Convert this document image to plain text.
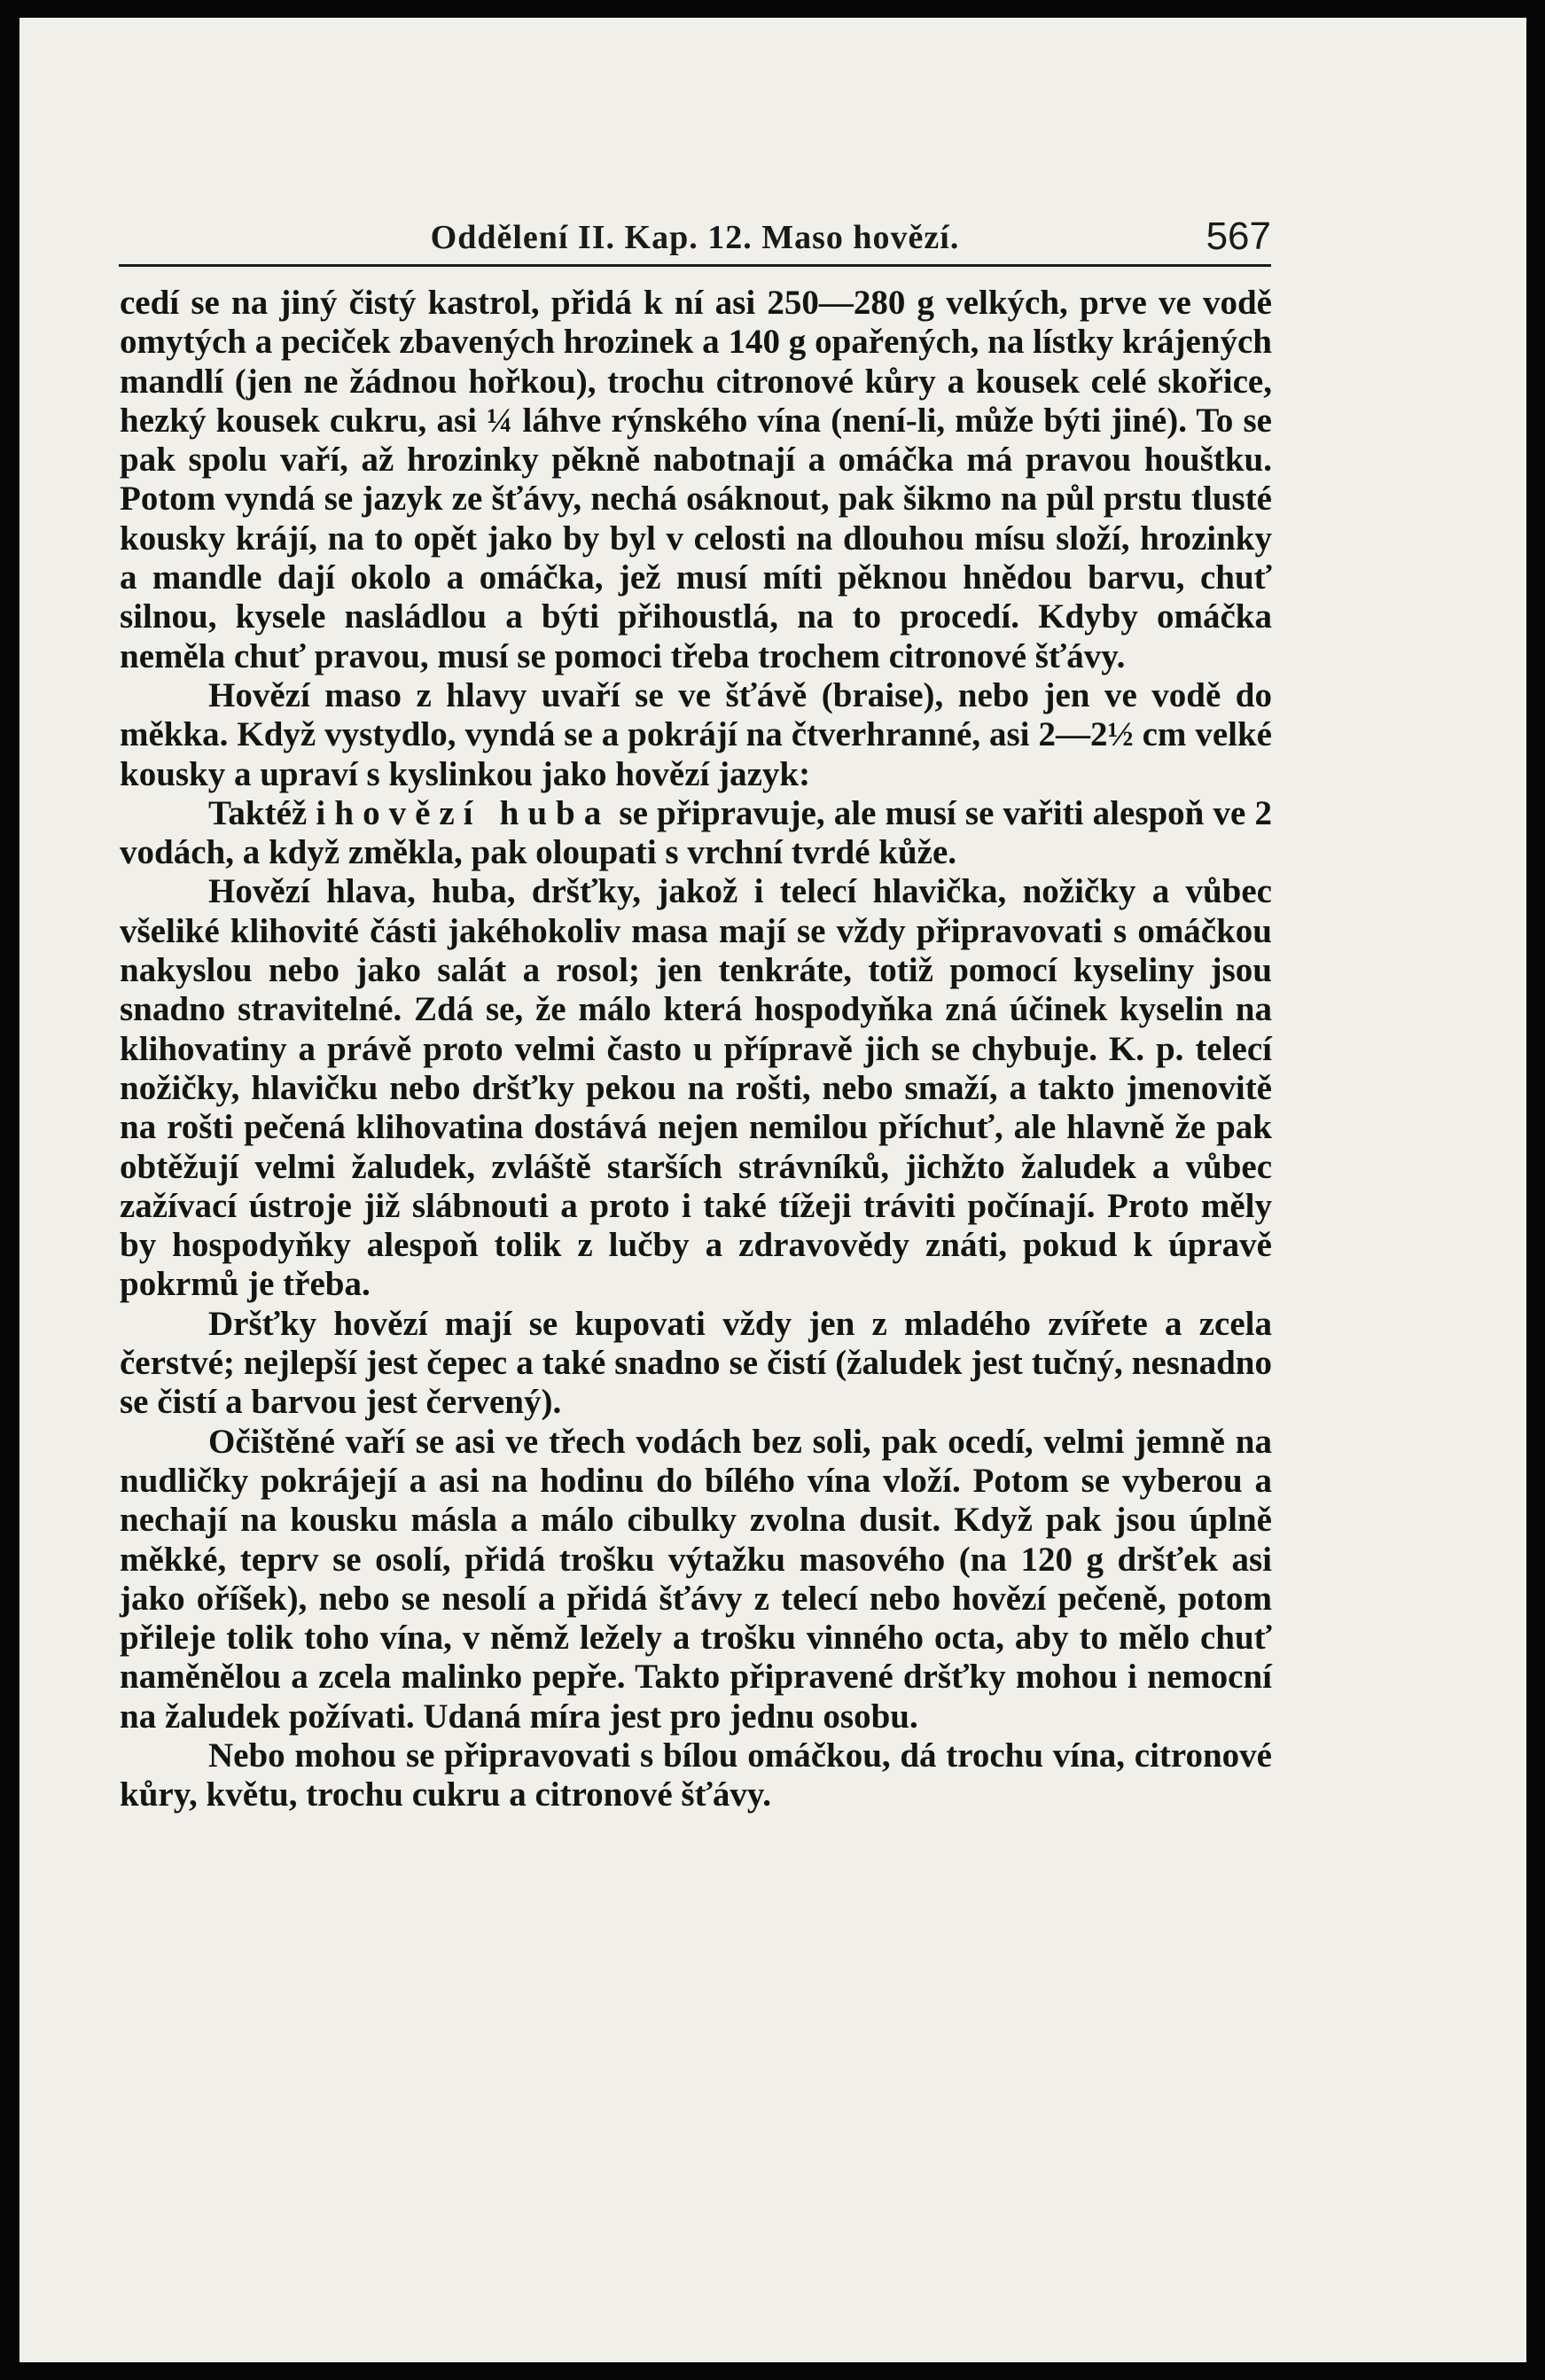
Oddělení II. Kap. 12. Maso hovězí.	567

cedí se na jiný čistý kastrol, přidá k ní asi 250—280 g velkých, prve ve vodě omytých a peciček zbavených hrozinek a 140 g opařených, na lístky krájených mandlí (jen ne žádnou hořkou), trochu citronové kůry a kousek celé skořice, hezký kousek cukru, asi ¼ láhve rýnského vína (není-li, může býti jiné). To se pak spolu vaří, až hrozinky pěkně nabotnají a omáčka má pravou houštku. Potom vyndá se jazyk ze šťávy, nechá osáknout, pak šikmo na půl prstu tlusté kousky krájí, na to opět jako by byl v celosti na dlouhou mísu složí, hrozinky a mandle dají okolo a omáčka, jež musí míti pěknou hnědou barvu, chuť silnou, kysele nasládlou a býti přihoustlá, na to procedí. Kdyby omáčka neměla chuť pravou, musí se pomoci třeba trochem citronové šťávy.

Hovězí maso z hlavy uvaří se ve šťávě (braise), nebo jen ve vodě do měkka. Když vystydlo, vyndá se a pokrájí na čtverhranné, asi 2—2½ cm velké kousky a upraví s kyslinkou jako hovězí jazyk:

Taktéž i hovězí huba se připravuje, ale musí se vařiti alespoň ve 2 vodách, a když změkla, pak oloupati s vrchní tvrdé kůže.

Hovězí hlava, huba, dršťky, jakož i telecí hlavička, nožičky a vůbec všeliké klihovité části jakéhokoliv masa mají se vždy připravovati s omáčkou nakyslou nebo jako salát a rosol; jen tenkráte, totiž pomocí kyseliny jsou snadno stravitelné. Zdá se, že málo která hospodyňka zná účinek kyselin na klihovatiny a právě proto velmi často u přípravě jich se chybuje. K. p. telecí nožičky, hlavičku nebo dršťky pekou na rošti, nebo smaží, a takto jmenovitě na rošti pečená klihovatina dostává nejen nemilou příchuť, ale hlavně že pak obtěžují velmi žaludek, zvláště starších strávníků, jichžto žaludek a vůbec zažívací ústroje již slábnouti a proto i také tížeji tráviti počínají. Proto měly by hospodyňky alespoň tolik z lučby a zdravovědy znáti, pokud k úpravě pokrmů je třeba.

Dršťky hovězí mají se kupovati vždy jen z mladého zvířete a zcela čerstvé; nejlepší jest čepec a také snadno se čistí (žaludek jest tučný, nesnadno se čistí a barvou jest červený).

Očištěné vaří se asi ve třech vodách bez soli, pak ocedí, velmi jemně na nudličky pokrájejí a asi na hodinu do bílého vína vloží. Potom se vyberou a nechají na kousku másla a málo cibulky zvolna dusit. Když pak jsou úplně měkké, teprv se osolí, přidá trošku výtažku masového (na 120 g dršťek asi jako oříšek), nebo se nesolí a přidá šťávy z telecí nebo hovězí pečeně, potom přileje tolik toho vína, v němž ležely a trošku vinného octa, aby to mělo chuť naměnělou a zcela malinko pepře. Takto připravené dršťky mohou i nemocní na žaludek požívati. Udaná míra jest pro jednu osobu.

Nebo mohou se připravovati s bílou omáčkou, dá trochu vína, citronové kůry, květu, trochu cukru a citronové šťávy.
